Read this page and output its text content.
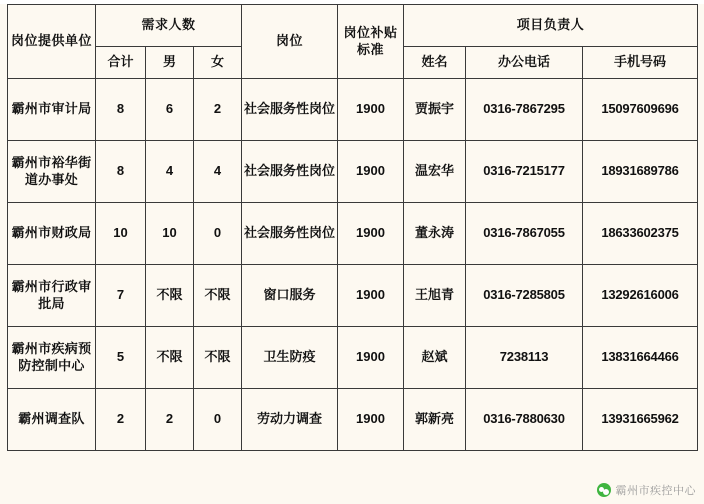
岗位提供单位	需求人数			岗位	岗位补贴标准	项目负责人		
	合计	男	女			姓名	办公电话	手机号码
霸州市审计局	8	6	2	社会服务性岗位	1900	贾振宇	0316-7867295	15097609696
霸州市裕华街道办事处	8	4	4	社会服务性岗位	1900	温宏华	0316-7215177	18931689786
霸州市财政局	10	10	0	社会服务性岗位	1900	董永涛	0316-7867055	18633602375
霸州市行政审批局	7	不限	不限	窗口服务	1900	王旭青	0316-7285805	13292616006
霸州市疾病预防控制中心	5	不限	不限	卫生防疫	1900	赵斌	7238113	13831664466
霸州调查队	2	2	0	劳动力调查	1900	郭新亮	0316-7880630	13931665962
霸州市疾控中心
